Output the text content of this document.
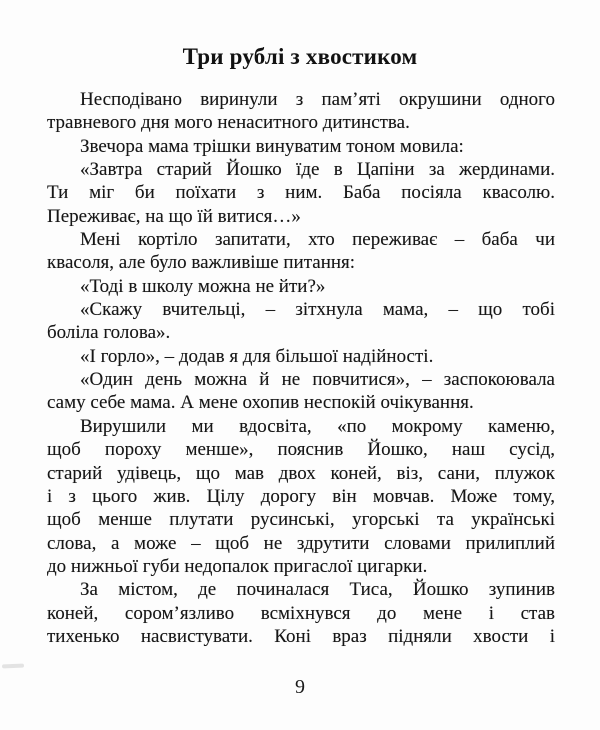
Три рублі з хвостиком
Несподівано виринули з пам’яті окрушини одного
травневого дня мого ненаситного дитинства.
Звечора мама трішки винуватим тоном мовила:
«Завтра старий Йошко їде в Цапіни за жердинами.
Ти міг би поїхати з ним. Баба посіяла квасолю.
Переживає, на що їй витися…»
Мені кортіло запитати, хто переживає – баба чи
квасоля, але було важливіше питання:
«Тоді в школу можна не йти?»
«Скажу вчительці, – зітхнула мама, – що тобі
боліла голова».
«І горло», – додав я для більшої надійності.
«Один день можна й не повчитися», – заспокоювала
саму себе мама. А мене охопив неспокій очікування.
Вирушили ми вдосвіта, «по мокрому каменю,
щоб пороху менше», пояснив Йошко, наш сусід,
старий удівець, що мав двох коней, віз, сани, плужок
і з цього жив. Цілу дорогу він мовчав. Може тому,
щоб менше плутати русинські, угорські та українські
слова, а може – щоб не здрутити словами прилиплий
до нижньої губи недопалок пригаслої цигарки.
За містом, де починалася Тиса, Йошко зупинив
коней, сором’язливо всміхнувся до мене і став
тихенько насвистувати. Коні враз підняли хвости і
9
